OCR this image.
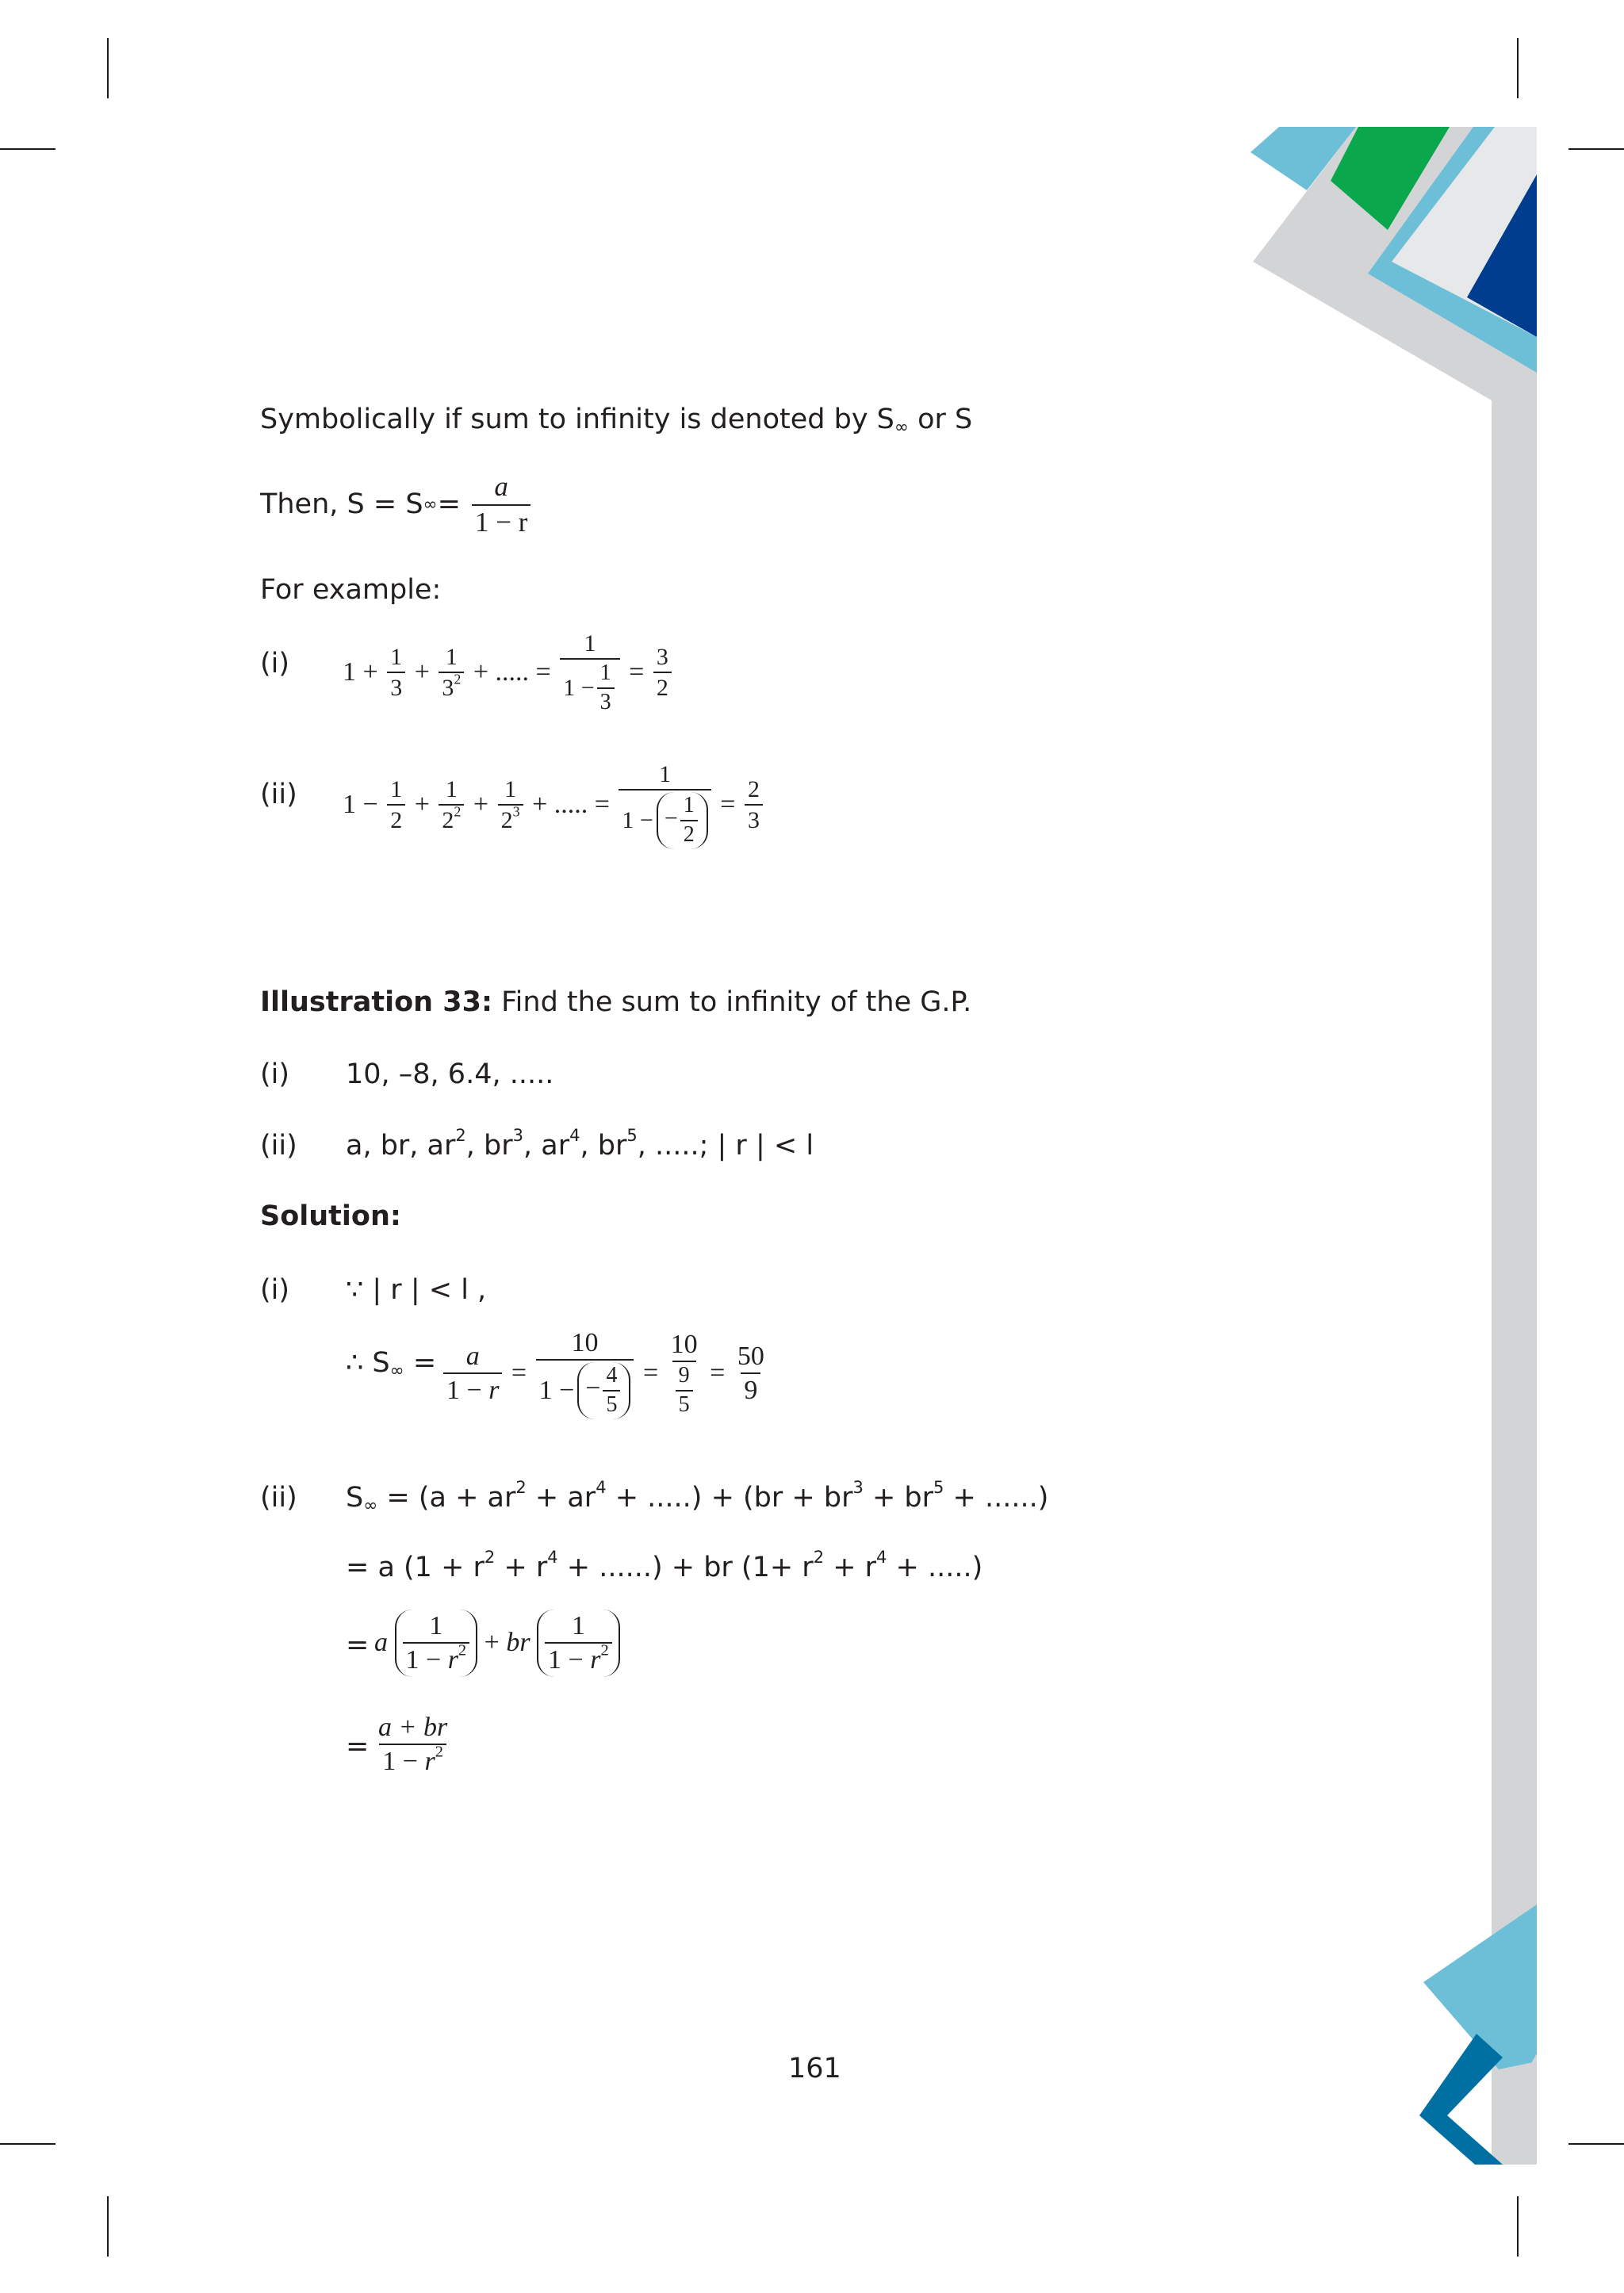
Symbolically if sum to infinity is denoted by $S_\infty$ or S
Then, S = S ∞ = $\frac{a}{1 - r}$
For example:
(i) $1 + \frac{1}{3} + \frac{1}{3^2}$ + ..... = $\frac{1}{1 - \frac{1}{3}} = \frac{3}{2}$
(ii) $1 - \frac{1}{2} + \frac{1}{2^2} + \frac{1}{2^3}$ + ..... = $\frac{1}{1 - - \frac{1}{2}} = \frac{2}{3}$
Illustration 33: Find the sum to infinity of the G.P.
(i) 10, –8, 6.4, .....
(ii) a, br, $ar^2$, $br^3$, $ar^4$, $br^5$, .....; | r | < l
Solution:
(i) ∵ | r | < l ,
∴ $S_\infty = \frac{a}{1 - r} = \frac{10}{1 - - \frac{4}{5}} = \frac{10}{\frac{9}{5}} = \frac{50}{9}$
(ii) $S_\infty = (a + ar^2 + ar^4$ + .....) + ($br + br^3 + br^5$ + ......)
= a ($1 + r^2 + r^4$ + ......) + br ($1+ r^2 + r^4$ + .....)
= a $\frac{1}{1 - r^2}$ + br $\frac{1}{1 - r^2}$
= $\frac{a + br}{1 - r^2}$
161
